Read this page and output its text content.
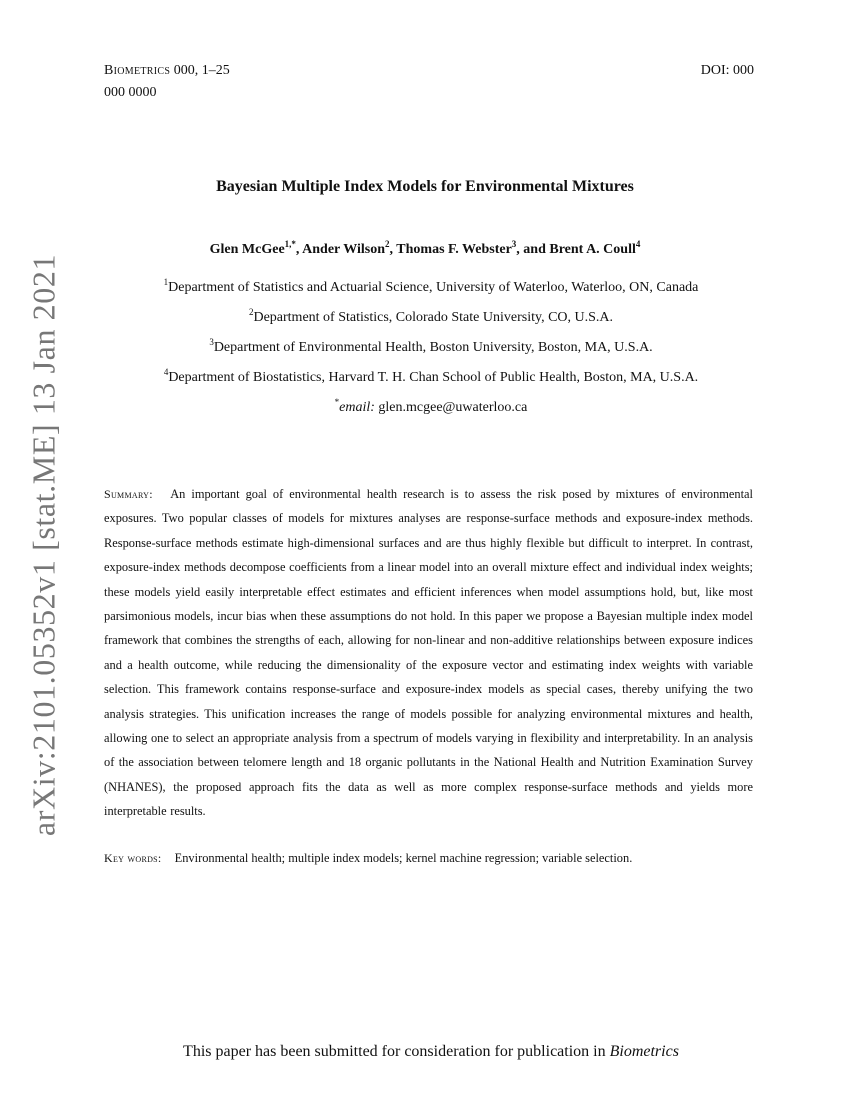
Biometrics 000, 1–25
000 0000
DOI: 000
Bayesian Multiple Index Models for Environmental Mixtures
Glen McGee$^{1,*}$, Ander Wilson$^2$, Thomas F. Webster$^3$, and Brent A. Coull$^4$
$^1$Department of Statistics and Actuarial Science, University of Waterloo, Waterloo, ON, Canada
$^2$Department of Statistics, Colorado State University, CO, U.S.A.
$^3$Department of Environmental Health, Boston University, Boston, MA, U.S.A.
$^4$Department of Biostatistics, Harvard T. H. Chan School of Public Health, Boston, MA, U.S.A.
*email: glen.mcgee@uwaterloo.ca
Summary: An important goal of environmental health research is to assess the risk posed by mixtures of environmental exposures. Two popular classes of models for mixtures analyses are response-surface methods and exposure-index methods. Response-surface methods estimate high-dimensional surfaces and are thus highly flexible but difficult to interpret. In contrast, exposure-index methods decompose coefficients from a linear model into an overall mixture effect and individual index weights; these models yield easily interpretable effect estimates and efficient inferences when model assumptions hold, but, like most parsimonious models, incur bias when these assumptions do not hold. In this paper we propose a Bayesian multiple index model framework that combines the strengths of each, allowing for non-linear and non-additive relationships between exposure indices and a health outcome, while reducing the dimensionality of the exposure vector and estimating index weights with variable selection. This framework contains response-surface and exposure-index models as special cases, thereby unifying the two analysis strategies. This unification increases the range of models possible for analyzing environmental mixtures and health, allowing one to select an appropriate analysis from a spectrum of models varying in flexibility and interpretability. In an analysis of the association between telomere length and 18 organic pollutants in the National Health and Nutrition Examination Survey (NHANES), the proposed approach fits the data as well as more complex response-surface methods and yields more interpretable results.
Key words: Environmental health; multiple index models; kernel machine regression; variable selection.
This paper has been submitted for consideration for publication in Biometrics
arXiv:2101.05352v1 [stat.ME] 13 Jan 2021
